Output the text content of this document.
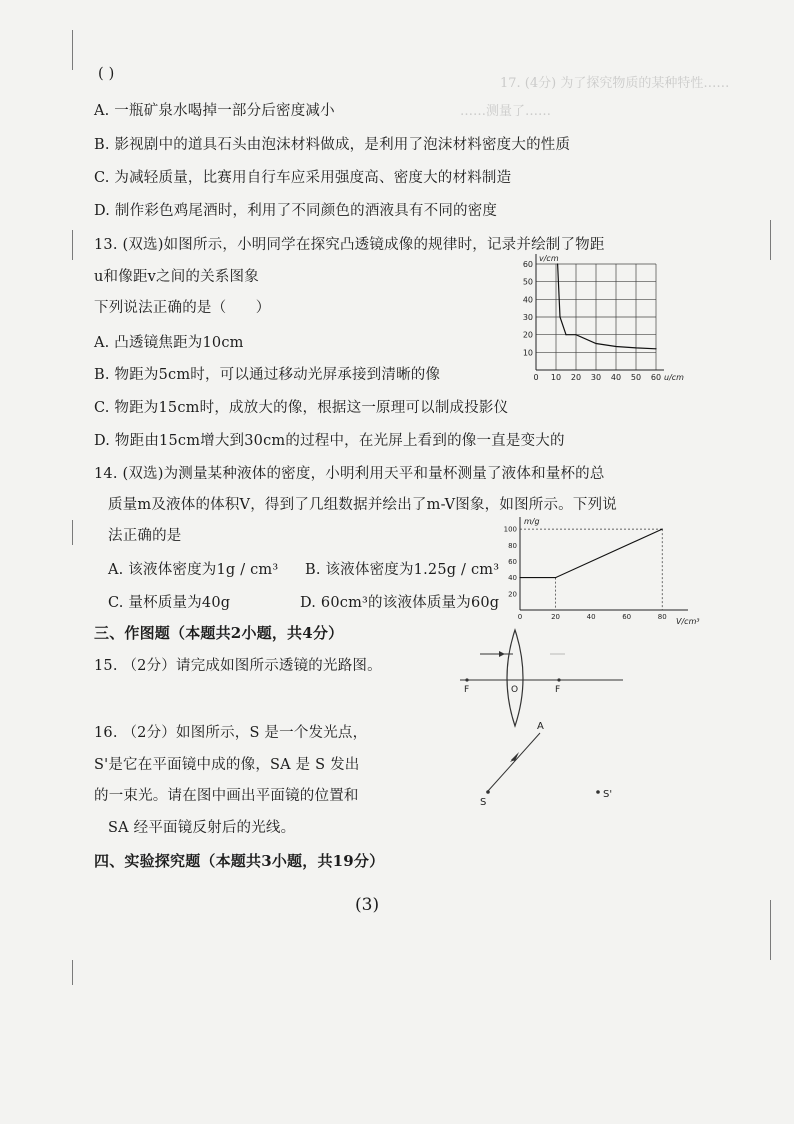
17. (4分) 为了探究物质的某种特性……
……测量了……
( )
A. 一瓶矿泉水喝掉一部分后密度减小
B. 影视剧中的道具石头由泡沫材料做成，是利用了泡沫材料密度大的性质
C. 为减轻质量，比赛用自行车应采用强度高、密度大的材料制造
D. 制作彩色鸡尾酒时，利用了不同颜色的酒液具有不同的密度
13. (双选)如图所示，小明同学在探究凸透镜成像的规律时，记录并绘制了物距
u和像距v之间的关系图象
下列说法正确的是（　　）
A. 凸透镜焦距为10cm
B. 物距为5cm时，可以通过移动光屏承接到清晰的像
C. 物距为15cm时，成放大的像，根据这一原理可以制成投影仪
D. 物距由15cm增大到30cm的过程中，在光屏上看到的像一直是变大的
0 10 20 30 40 50 60
10
20
30
40
50
60
u/cm
v/cm
14. (双选)为测量某种液体的密度，小明利用天平和量杯测量了液体和量杯的总
质量m及液体的体积V，得到了几组数据并绘出了m-V图象，如图所示。下列说
法正确的是
A. 该液体密度为1g / cm³ B. 该液体密度为1.25g / cm³
C. 量杯质量为40g	D. 60cm³的该液体质量为60g
0	20	40	60	80
20
40
60
80
100
V/cm³
m/g
三、作图题（本题共2小题，共4分）
15. （2分）请完成如图所示透镜的光路图。
F	O	F
16. （2分）如图所示，S 是一个发光点，
S'是它在平面镜中成的像，SA 是 S 发出
的一束光。请在图中画出平面镜的位置和
SA 经平面镜反射后的光线。
A
S
S'
四、实验探究题（本题共3小题，共19分）
(3)
